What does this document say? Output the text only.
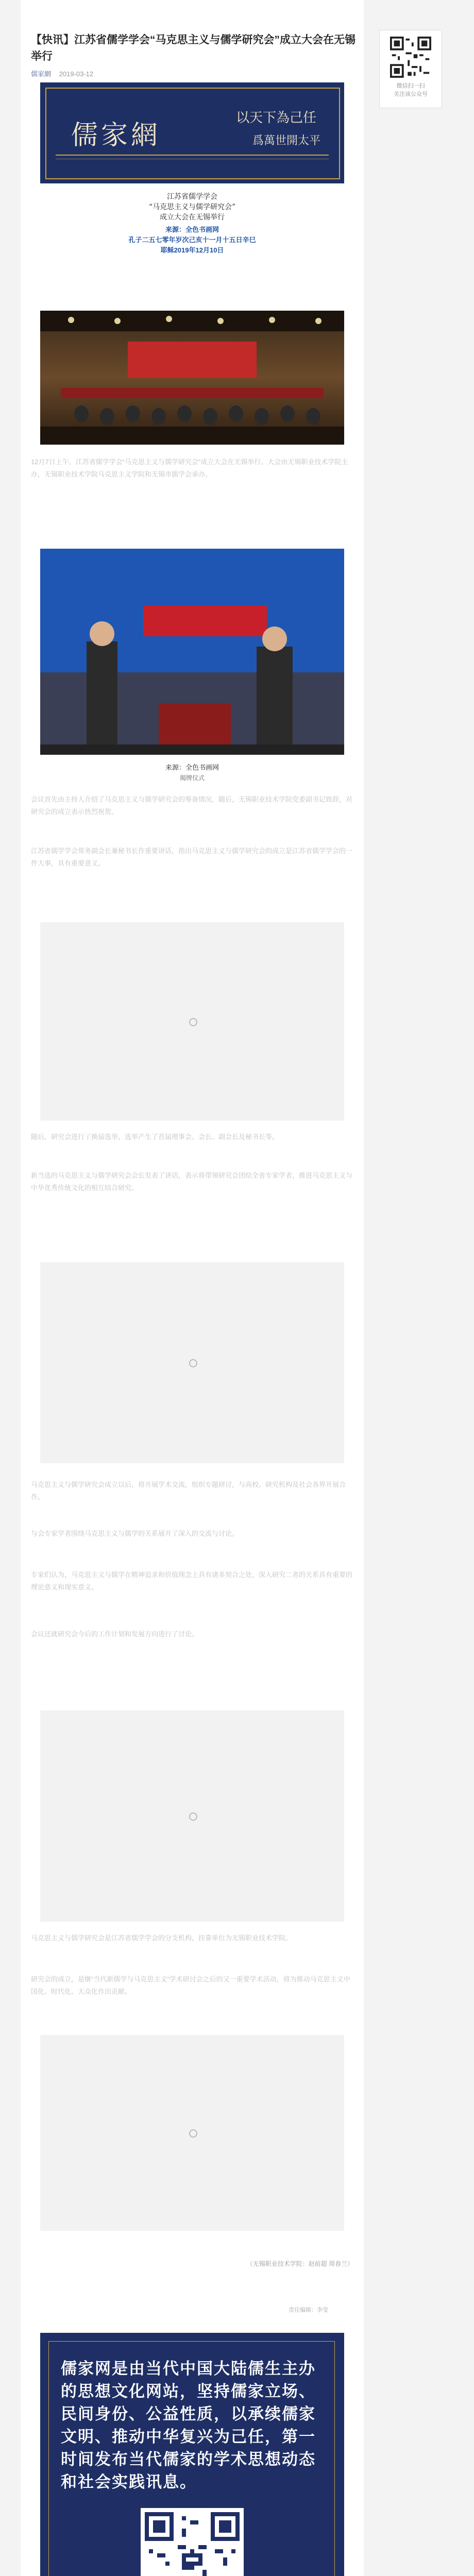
【快讯】江苏省儒学学会“马克思主义与儒学研究会”成立大会在无锡举行
儒家網 2019-03-12
儒家網
以天下為己任
爲萬世開太平
江苏省儒学学会
“马克思主义与儒学研究会”
成立大会在无锡举行
来源：全色书画网
孔子二五七零年岁次己亥十一月十五日辛巳
耶稣2019年12月10日
12月7日上午，江苏省儒学学会“马克思主义与儒学研究会”成立大会在无锡举行。大会由无锡职业技术学院主办，无锡职业技术学院马克思主义学院和无锡市儒学会承办。
来源：全色书画网
揭牌仪式
会议首先由主持人介绍了马克思主义与儒学研究会的筹备情况，随后，无锡职业技术学院党委副书记致辞，对研究会的成立表示热烈祝贺。
江苏省儒学学会常务副会长兼秘书长作重要讲话，指出马克思主义与儒学研究会的成立是江苏省儒学学会的一件大事，具有重要意义。
随后，研究会进行了换届选举，选举产生了首届理事会、会长、副会长及秘书长等。
新当选的马克思主义与儒学研究会会长发表了讲话，表示将带领研究会团结全省专家学者，推进马克思主义与中华优秀传统文化的相互结合研究。
马克思主义与儒学研究会成立以后，将开展学术交流，组织专题研讨，与高校、研究机构及社会各界开展合作。
与会专家学者围绕马克思主义与儒学的关系展开了深入的交流与讨论。
专家们认为，马克思主义与儒学在精神追求和价值理念上具有诸多契合之处，深入研究二者的关系具有重要的理论意义和现实意义。
会议还就研究会今后的工作计划和发展方向进行了讨论。
马克思主义与儒学研究会是江苏省儒学学会的分支机构，挂靠单位为无锡职业技术学院。
研究会的成立，是继“当代新儒学与马克思主义”学术研讨会之后的又一重要学术活动，将为推动马克思主义中国化、时代化、大众化作出贡献。
（无锡职业技术学院：赵前超 周春兰）
责任编辑：李莹
儒家网是由当代中国大陆儒生主办的思想文化网站，坚持儒家立场、民间身份、公益性质，以承续儒家文明、推动中华复兴为己任，第一时间发布当代儒家的学术思想动态和社会实践讯息。
微信扫一扫
关注该公众号
